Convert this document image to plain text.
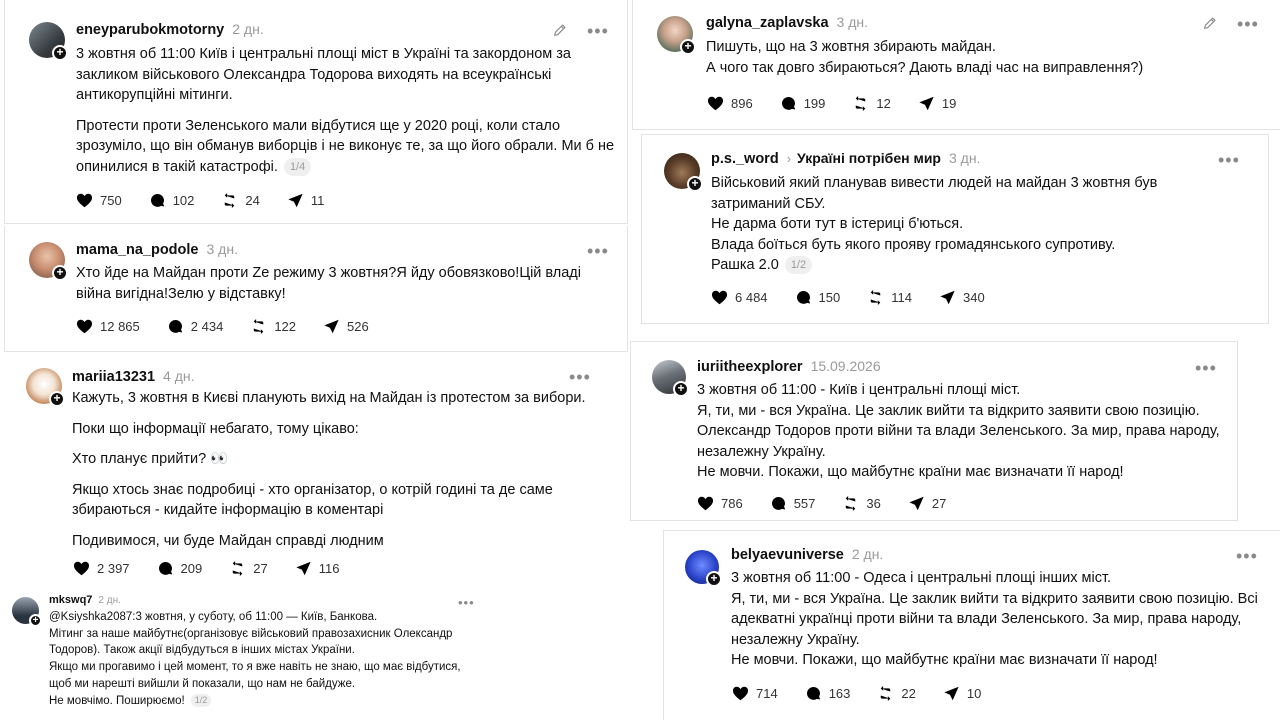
+
eneyparubokmotorny 2 дн.	•••

3 жовтня об 11:00 Київ і центральні площі міст в Україні та закордоном за закликом військового Олександра Тодорова виходять на всеукраїнські антикорупційні мітинги.

Протести проти Зеленського мали відбутися ще у 2020 році, коли стало зрозуміло, що він обманув виборців і не виконує те, за що його обрали. Ми б не опинилися в такій катастрофі. 1/4

750	102	24	11
+
mama_na_podole 3 дн.	•••

Хто йде на Майдан проти Ze режиму 3 жовтня?Я йду обовязково!Цій владі війна вигідна!Зелю у відставку!

12 865	2 434	122	526
+
mariia13231 4 дн.	•••

Кажуть, 3 жовтня в Києві планують вихід на Майдан із протестом за вибори.

Поки що інформації небагато, тому цікаво:

Хто планує прийти? 👀

Якщо хтось знає подробиці - хто організатор, о котрій годині та де саме збираються - кидайте інформацію в коментарі

Подивимося, чи буде Майдан справді людним

2 397	209	27	116
+
mkswq7 2 дн.	•••

@Ksiyshka2087:3 жовтня, у суботу, об 11:00 — Київ, Банкова.

Мітинг за наше майбутнє(організовує військовий правозахисник Олександр

Тодоров). Також акції відбудуться в інших містах України.

Якщо ми прогавимо і цей момент, то я вже навіть не знаю, що має відбутися,

щоб ми нарешті вийшли й показали, що нам не байдуже.

Не мовчімо. Поширюємо! 1/2

+
galyna_zaplavska 3 дн.	•••

Пишуть, що на 3 жовтня збирають майдан.

А чого так довго збираються? Дають владі час на виправлення?)

896	199	12	19
+
p.s._word › Україні потрібен мир 3 дн.	•••

Військовий який планував вивести людей на майдан 3 жовтня був

затриманий СБУ.

Не дарма боти тут в істериці б'ються.

Влада боїться буть якого прояву громадянського супротиву.

Рашка 2.0 1/2

6 484	150	114	340
+
iuriitheexplorer 15.09.2026	•••

3 жовтня об 11:00 - Київ і центральні площі міст.

Я, ти, ми - вся Україна. Це заклик вийти та відкрито заявити свою позицію.

Олександр Тодоров проти війни та влади Зеленського. За мир, права народу,

незалежну Україну.

Не мовчи. Покажи, що майбутнє країни має визначати її народ!

786	557	36	27
+
belyaevuniverse 2 дн.	•••

3 жовтня об 11:00 - Одеса і центральні площі інших міст.

Я, ти, ми - вся Україна. Це заклик вийти та відкрито заявити свою позицію. Всі

адекватні українці проти війни та влади Зеленського. За мир, права народу,

незалежну Україну.

Не мовчи. Покажи, що майбутнє країни має визначати її народ!

714	163	22	10
